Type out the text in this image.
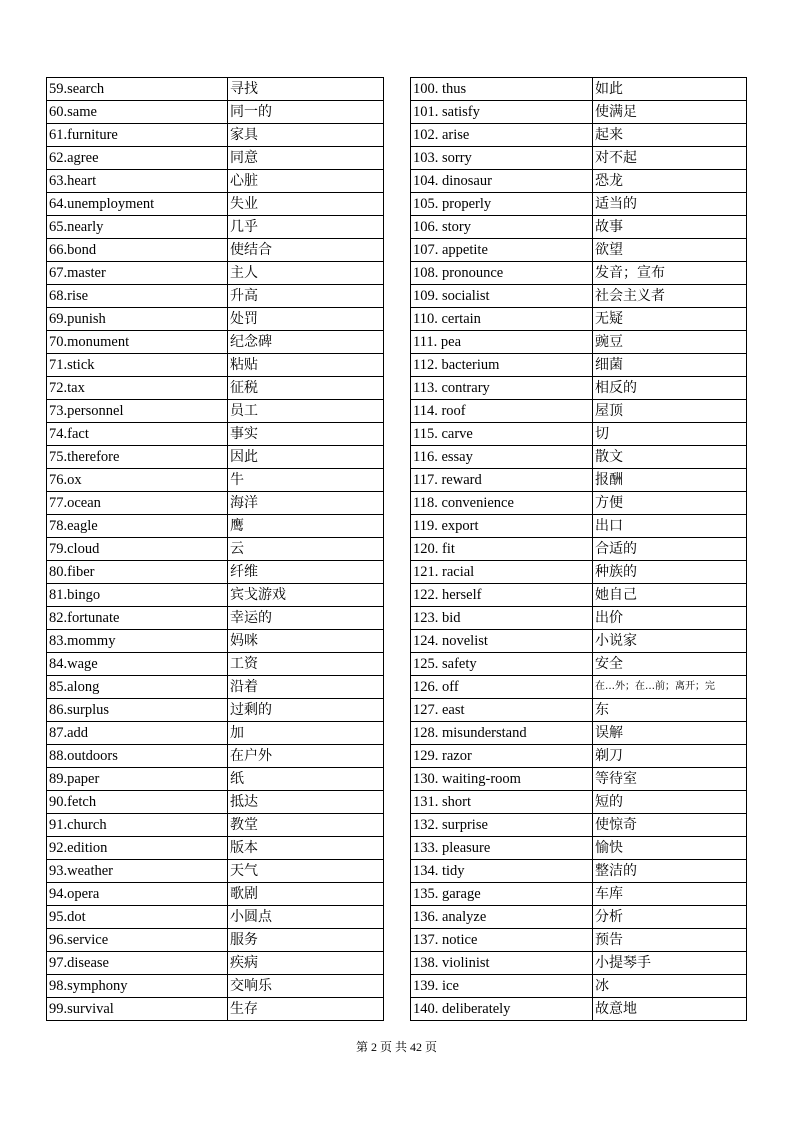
59.search	寻找
60.same	同一的
61.furniture	家具
62.agree	同意
63.heart	心脏
64.unemployment	失业
65.nearly	几乎
66.bond	使结合
67.master	主人
68.rise	升高
69.punish	处罚
70.monument	纪念碑
71.stick	粘贴
72.tax	征税
73.personnel	员工
74.fact	事实
75.therefore	因此
76.ox	牛
77.ocean	海洋
78.eagle	鹰
79.cloud	云
80.fiber	纤维
81.bingo	宾戈游戏
82.fortunate	幸运的
83.mommy	妈咪
84.wage	工资
85.along	沿着
86.surplus	过剩的
87.add	加
88.outdoors	在户外
89.paper	纸
90.fetch	抵达
91.church	教堂
92.edition	版本
93.weather	天气
94.opera	歌剧
95.dot	小圆点
96.service	服务
97.disease	疾病
98.symphony	交响乐
99.survival	生存
100. thus	如此
101. satisfy	使满足
102. arise	起来
103. sorry	对不起
104. dinosaur	恐龙
105. properly	适当的
106. story	故事
107. appetite	欲望
108. pronounce	发音；宣布
109. socialist	社会主义者
110. certain	无疑
111. pea	豌豆
112. bacterium	细菌
113. contrary	相反的
114. roof	屋顶
115. carve	切
116. essay	散文
117. reward	报酬
118. convenience	方便
119. export	出口
120. fit	合适的
121. racial	种族的
122. herself	她自己
123. bid	出价
124. novelist	小说家
125. safety	安全
126. off	在…外；在…前；离开；完
127. east	东
128. misunderstand	误解
129. razor	剃刀
130. waiting-room	等待室
131. short	短的
132. surprise	使惊奇
133. pleasure	愉快
134. tidy	整洁的
135. garage	车库
136. analyze	分析
137. notice	预告
138. violinist	小提琴手
139. ice	冰
140. deliberately	故意地
第 2 页 共 42 页
